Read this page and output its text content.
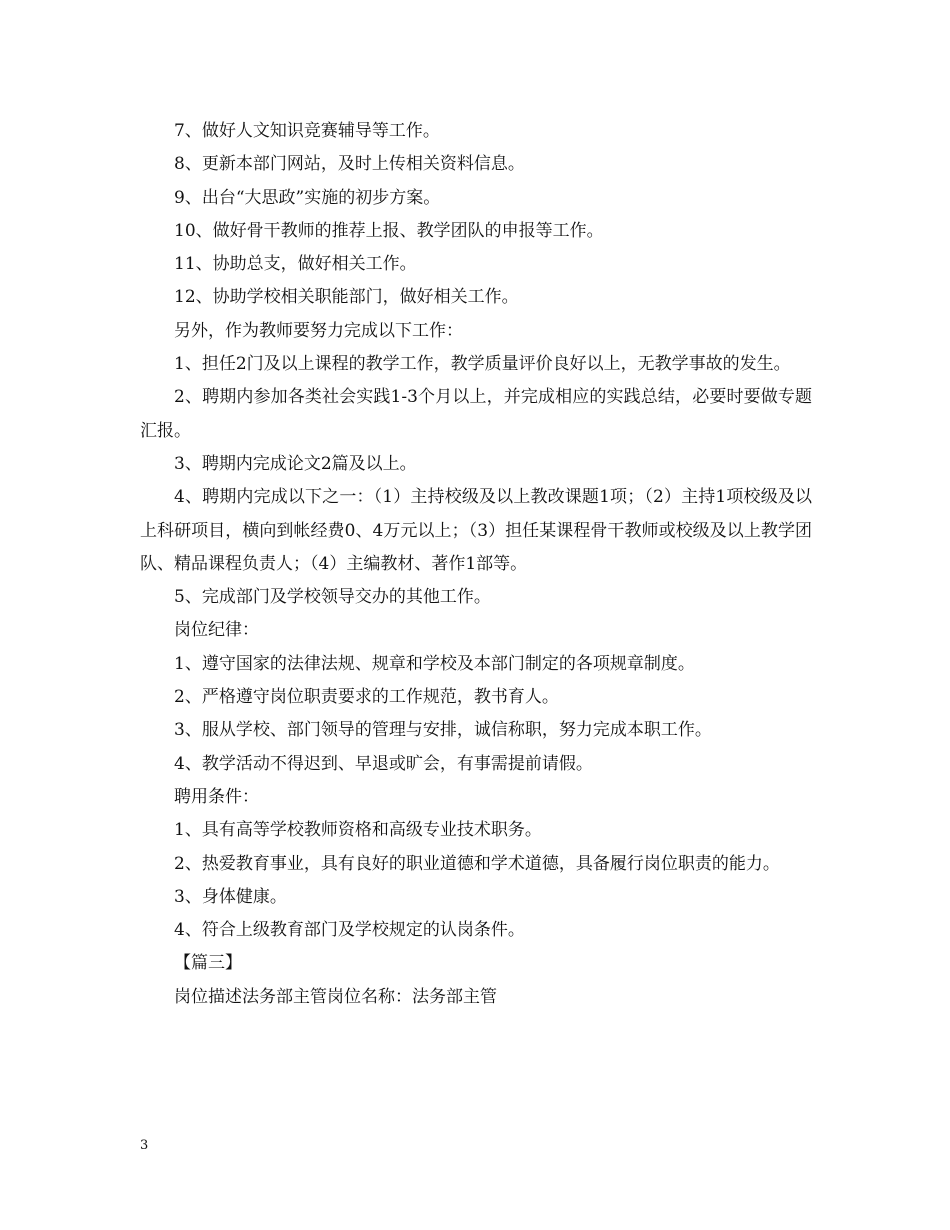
7、做好人文知识竞赛辅导等工作。

8、更新本部门网站，及时上传相关资料信息。

9、出台“大思政”实施的初步方案。

10、做好骨干教师的推荐上报、教学团队的申报等工作。

11、协助总支，做好相关工作。

12、协助学校相关职能部门，做好相关工作。

另外，作为教师要努力完成以下工作：

1、担任2门及以上课程的教学工作，教学质量评价良好以上，无教学事故的发生。

2、聘期内参加各类社会实践1-3个月以上，并完成相应的实践总结，必要时要做专题汇报。

3、聘期内完成论文2篇及以上。

4、聘期内完成以下之一：（1）主持校级及以上教改课题1项；（2）主持1项校级及以上科研项目，横向到帐经费0、4万元以上；（3）担任某课程骨干教师或校级及以上教学团队、精品课程负责人；（4）主编教材、著作1部等。

5、完成部门及学校领导交办的其他工作。

岗位纪律：

1、遵守国家的法律法规、规章和学校及本部门制定的各项规章制度。

2、严格遵守岗位职责要求的工作规范，教书育人。

3、服从学校、部门领导的管理与安排，诚信称职，努力完成本职工作。

4、教学活动不得迟到、早退或旷会，有事需提前请假。

聘用条件：

1、具有高等学校教师资格和高级专业技术职务。

2、热爱教育事业，具有良好的职业道德和学术道德，具备履行岗位职责的能力。

3、身体健康。

4、符合上级教育部门及学校规定的认岗条件。

【篇三】

岗位描述法务部主管岗位名称：法务部主管

3
